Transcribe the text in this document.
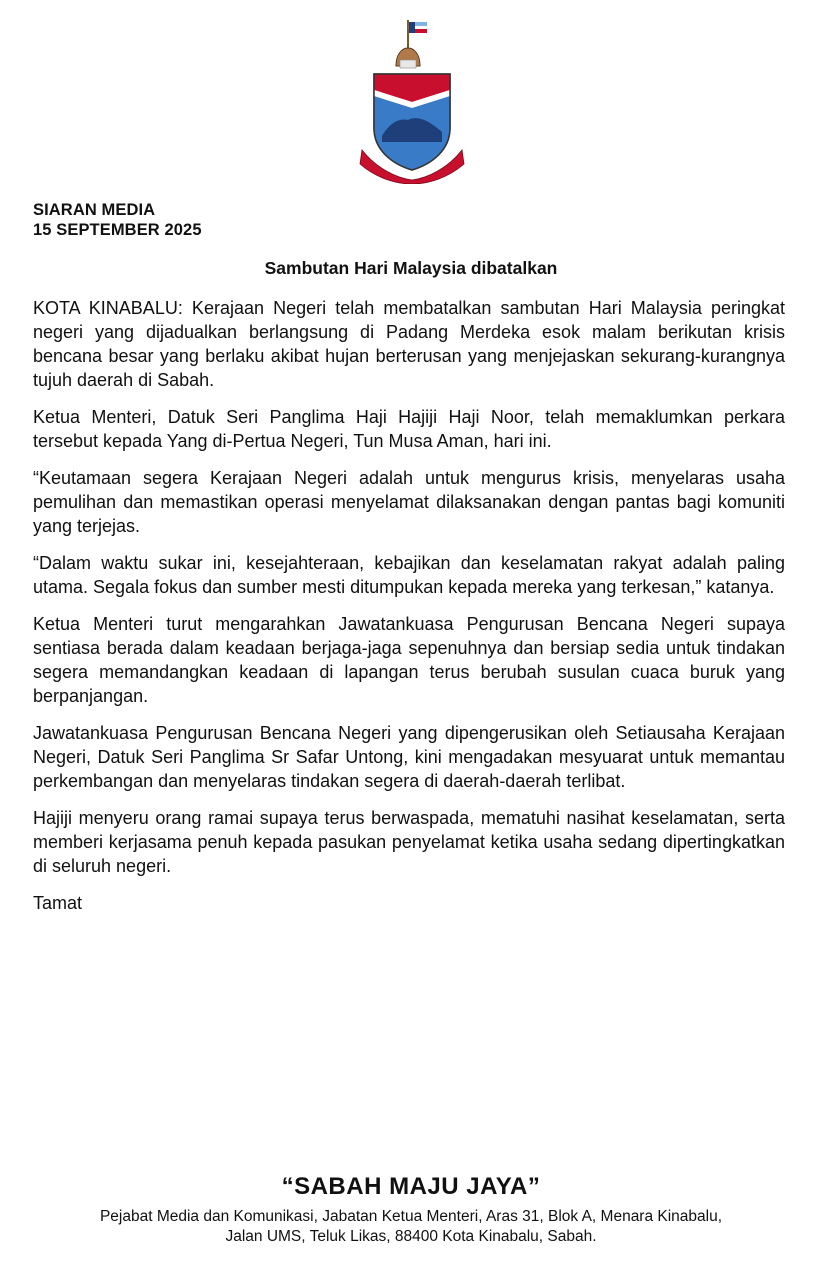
SIARAN MEDIA
15 SEPTEMBER 2025
Sambutan Hari Malaysia dibatalkan

KOTA KINABALU: Kerajaan Negeri telah membatalkan sambutan Hari Malaysia peringkat negeri yang dijadualkan berlangsung di Padang Merdeka esok malam berikutan krisis bencana besar yang berlaku akibat hujan berterusan yang menjejaskan sekurang-kurangnya tujuh daerah di Sabah.

Ketua Menteri, Datuk Seri Panglima Haji Hajiji Haji Noor, telah memaklumkan perkara tersebut kepada Yang di-Pertua Negeri, Tun Musa Aman, hari ini.

“Keutamaan segera Kerajaan Negeri adalah untuk mengurus krisis, menyelaras usaha pemulihan dan memastikan operasi menyelamat dilaksanakan dengan pantas bagi komuniti yang terjejas.

“Dalam waktu sukar ini, kesejahteraan, kebajikan dan keselamatan rakyat adalah paling utama. Segala fokus dan sumber mesti ditumpukan kepada mereka yang terkesan,” katanya.

Ketua Menteri turut mengarahkan Jawatankuasa Pengurusan Bencana Negeri supaya sentiasa berada dalam keadaan berjaga-jaga sepenuhnya dan bersiap sedia untuk tindakan segera memandangkan keadaan di lapangan terus berubah susulan cuaca buruk yang berpanjangan.

Jawatankuasa Pengurusan Bencana Negeri yang dipengerusikan oleh Setiausaha Kerajaan Negeri, Datuk Seri Panglima Sr Safar Untong, kini mengadakan mesyuarat untuk memantau perkembangan dan menyelaras tindakan segera di daerah-daerah terlibat.

Hajiji menyeru orang ramai supaya terus berwaspada, mematuhi nasihat keselamatan, serta memberi kerjasama penuh kepada pasukan penyelamat ketika usaha sedang dipertingkatkan di seluruh negeri.

Tamat

“SABAH MAJU JAYA”
Pejabat Media dan Komunikasi, Jabatan Ketua Menteri, Aras 31, Blok A, Menara Kinabalu,
Jalan UMS, Teluk Likas, 88400 Kota Kinabalu, Sabah.
